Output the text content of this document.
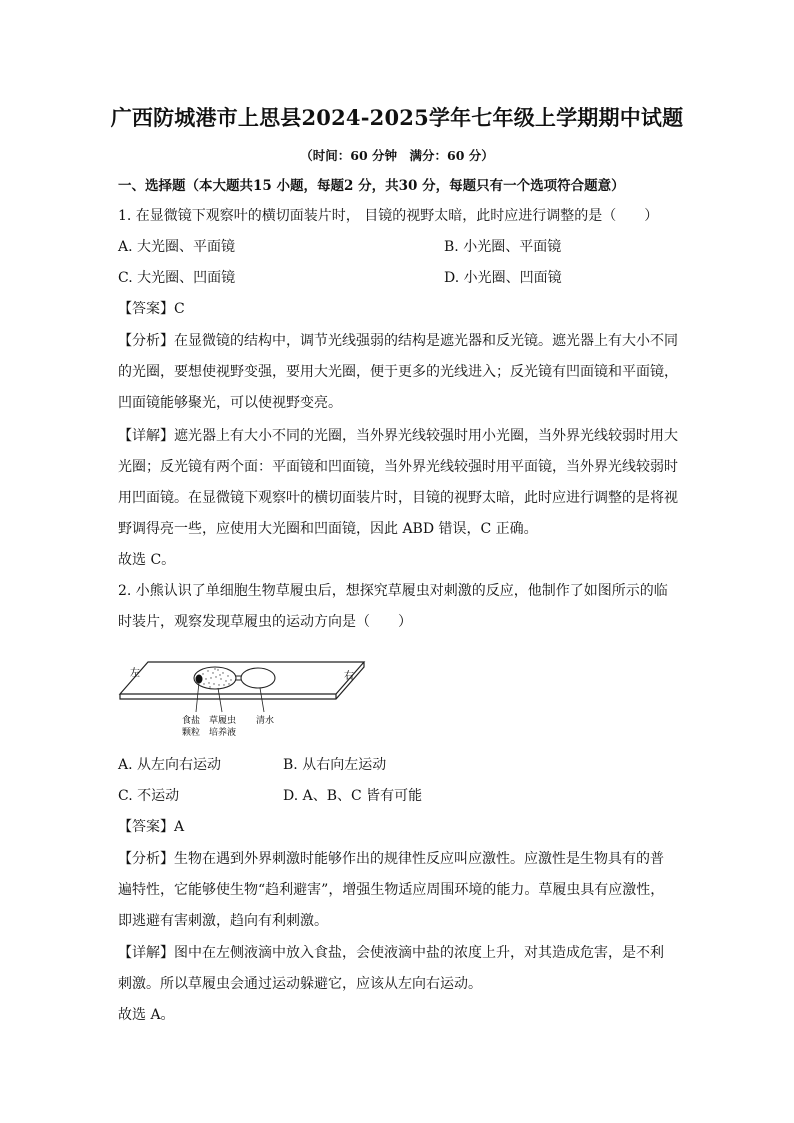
广西防城港市上思县2024-2025学年七年级上学期期中试题
（时间：60 分钟　满分：60 分）
一、选择题（本大题共15 小题，每题2 分，共30 分，每题只有一个选项符合题意）
1. 在显微镜下观察叶的横切面装片时， 目镜的视野太暗，此时应进行调整的是（　　）
A. 大光圈、平面镜	B. 小光圈、平面镜
C. 大光圈、凹面镜	D. 小光圈、凹面镜
【答案】C
【分析】在显微镜的结构中，调节光线强弱的结构是遮光器和反光镜。遮光器上有大小不同
的光圈，要想使视野变强，要用大光圈，便于更多的光线进入；反光镜有凹面镜和平面镜，
凹面镜能够聚光，可以使视野变亮。
【详解】遮光器上有大小不同的光圈，当外界光线较强时用小光圈，当外界光线较弱时用大
光圈；反光镜有两个面：平面镜和凹面镜，当外界光线较强时用平面镜，当外界光线较弱时
用凹面镜。在显微镜下观察叶的横切面装片时，目镜的视野太暗，此时应进行调整的是将视
野调得亮一些，应使用大光圈和凹面镜，因此 ABD 错误，C 正确。
故选 C。
2. 小熊认识了单细胞生物草履虫后，想探究草履虫对刺激的反应，他制作了如图所示的临
时装片，观察发现草履虫的运动方向是（　　）
左	右
食盐
颗粒
草履虫
培养液
清水
A. 从左向右运动	B. 从右向左运动
C. 不运动	D. A、B、C 皆有可能
【答案】A
【分析】生物在遇到外界刺激时能够作出的规律性反应叫应激性。应激性是生物具有的普
遍特性，它能够使生物“趋利避害”，增强生物适应周围环境的能力。草履虫具有应激性，
即逃避有害刺激，趋向有利刺激。
【详解】图中在左侧液滴中放入食盐，会使液滴中盐的浓度上升，对其造成危害，是不利
刺激。所以草履虫会通过运动躲避它，应该从左向右运动。
故选 A。
